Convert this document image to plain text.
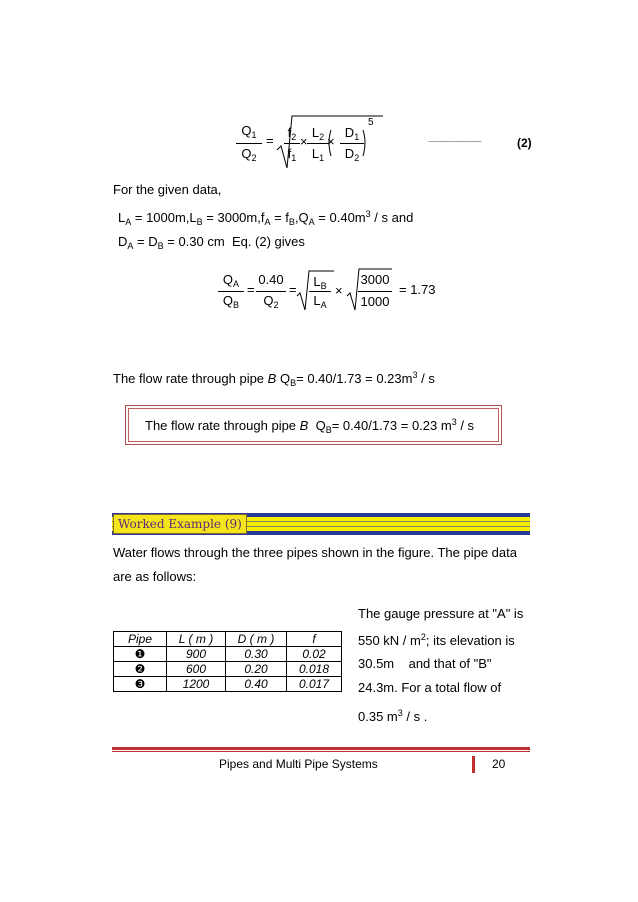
$Q_1$
$Q_2$
=
$f_2$
$f_1$
×
$L_2$
$L_1$
×
$D_1$
$D_2$
5
........................................................	(2)
For the given data,
$L_A = 1000m,L_B = 3000m,f_A = f_B,Q_A = 0.40m^3 / s$ and
$D_A = D_B = 0.30$ cm Eq. (2) gives
$Q_A$
$Q_B$
=
0.40
$Q_2$
=
$L_B$
$L_A$
×
3000
1000
= 1.73
The flow rate through pipe B $Q_B= 0.40/1.73 = 0.23m^3 / s$
The flow rate through pipe B $Q_B= 0.40/1.73 = 0.23$ $m^3$ / s
Worked Example (9)
Water flows through the three pipes shown in the figure. The pipe data
are as follows:
The gauge pressure at "A" is
550 kN / $m^2$; its elevation is
30.5m and that of "B"
24.3m. For a total flow of
0.35 $m^3$ / s .
Pipe	L ( m )	D ( m )	f
❶	900	0.30	0.02
❷	600	0.20	0.018
❸	1200	0.40	0.017
Pipes and Multi Pipe Systems	20
